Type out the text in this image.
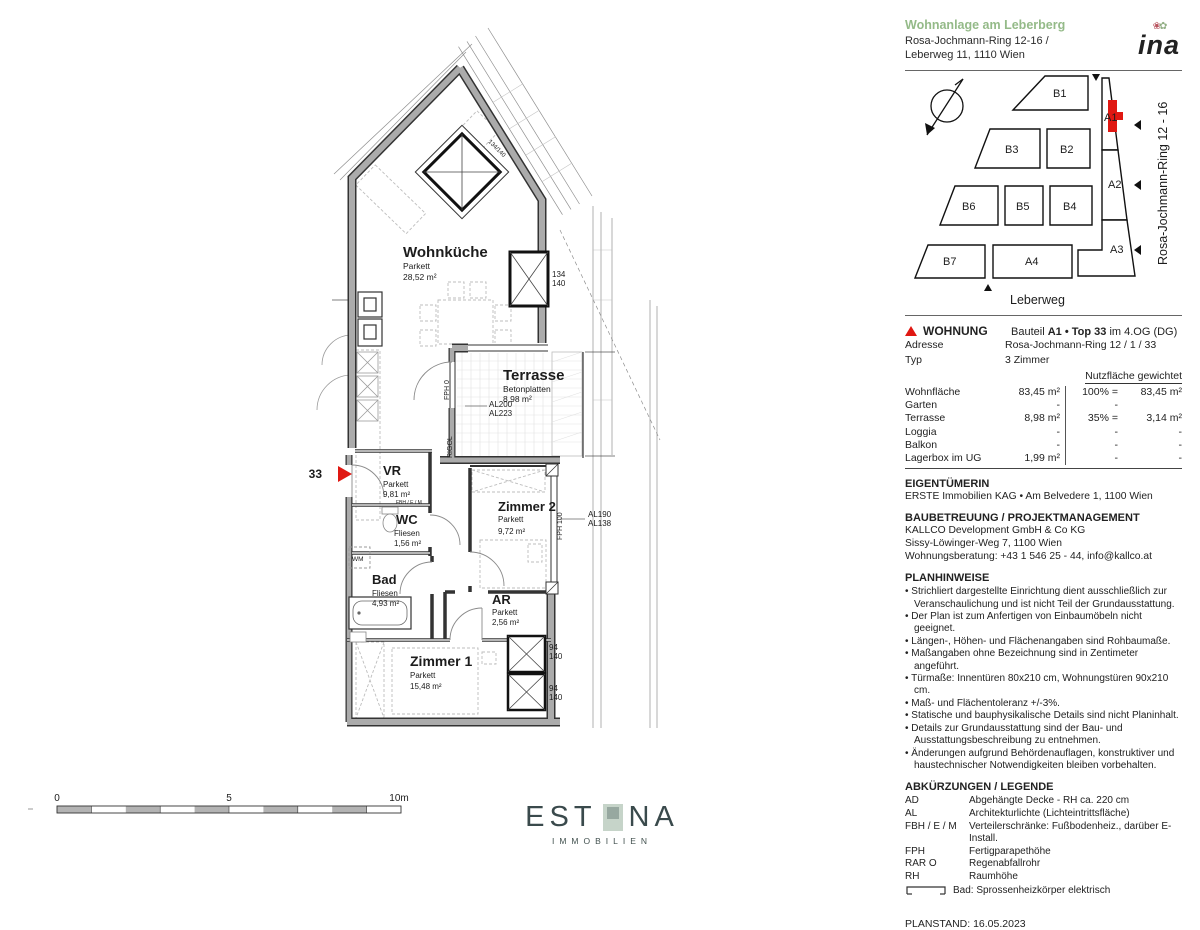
33
Wohnküche
Parkett
28,52 m²
Terrasse
Betonplatten
8,98 m²
VR
Parkett
9,81 m²
WC
Fliesen
1,56 m²
Bad
Fliesen
4,93 m²
Zimmer 2
Parkett
9,72 m²
AR
Parkett
2,56 m²
Zimmer 1
Parkett
15,48 m²
AL200
AL223
AL190
AL138
FPH 0
RIGOL
FPH 100
WM
FBH / E / M
134/140
134
140
94
140
94
140
0	5	10m
Wohnanlage am Leberberg
Rosa-Jochmann-Ring 12-16 /
Leberweg 11, 1110 Wien
❀✿
ina
B1
A1
B3	B2
A2
B6	B5	B4
B7	A4
A3
Leberweg
Rosa-Jochmann-Ring 12 - 16
WOHNUNG	Bauteil A1 • Top 33 im 4.OG (DG)
Adresse	Rosa-Jochmann-Ring 12 / 1 / 33
Typ	3 Zimmer
Nutzfläche gewichtet
Wohnfläche	83,45 m²	100% =	83,45 m²
Garten	-	-
Terrasse	8,98 m²	35% =	3,14 m²
Loggia	-	-	-
Balkon	-	-	-
Lagerbox im UG	1,99 m²	-	-
EIGENTÜMERIN
ERSTE Immobilien KAG • Am Belvedere 1, 1100 Wien
BAUBETREUUNG / PROJEKTMANAGEMENT
KALLCO Development GmbH & Co KG
Sissy-Löwinger-Weg 7, 1100 Wien
Wohnungsberatung: +43 1 546 25 - 44, info@kallco.at
PLANHINWEISE
• Strichliert dargestellte Einrichtung dient ausschließlich zur Veranschaulichung und ist nicht Teil der Grundausstattung.
• Der Plan ist zum Anfertigen von Einbaumöbeln nicht geeignet.
• Längen-, Höhen- und Flächenangaben sind Rohbaumaße.
• Maßangaben ohne Bezeichnung sind in Zentimeter angeführt.
• Türmaße: Innentüren 80x210 cm, Wohnungstüren 90x210 cm.
• Maß- und Flächentoleranz +/-3%.
• Statische und bauphysikalische Details sind nicht Planinhalt.
• Details zur Grundausstattung sind der Bau- und Ausstattungsbeschreibung zu entnehmen.
• Änderungen aufgrund Behördenauflagen, konstruktiver und haustechnischer Notwendigkeiten bleiben vorbehalten.
ABKÜRZUNGEN / LEGENDE
AD	Abgehängte Decke - RH ca. 220 cm
AL	Architekturlichte (Lichteintrittsfläche)
FBH / E / M	Verteilerschränke: Fußbodenheiz., darüber E-Install.
FPH	Fertigparapethöhe
RAR O	Regenabfallrohr
RH	Raumhöhe
Bad: Sprossenheizkörper elektrisch
PLANSTAND: 16.05.2023
EST NA
IMMOBILIEN
